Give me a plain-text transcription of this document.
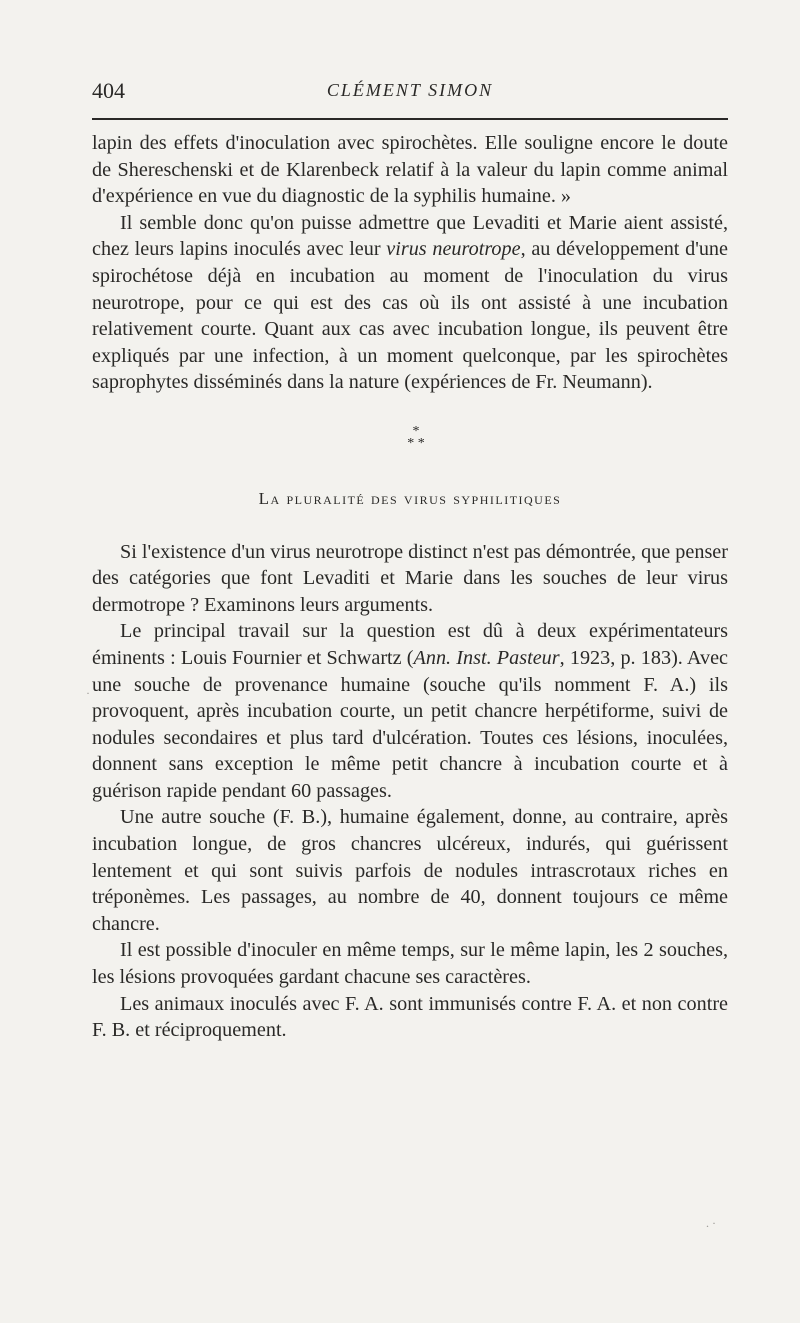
404	CLÉMENT SIMON

lapin des effets d'inoculation avec spirochètes. Elle souligne encore le doute de Shereschenski et de Klarenbeck relatif à la valeur du lapin comme animal d'expérience en vue du diagnostic de la syphilis humaine. »

Il semble donc qu'on puisse admettre que Levaditi et Marie aient assisté, chez leurs lapins inoculés avec leur virus neurotrope, au développement d'une spirochétose déjà en incubation au moment de l'inoculation du virus neurotrope, pour ce qui est des cas où ils ont assisté à une incubation relativement courte. Quant aux cas avec incubation longue, ils peuvent être expliqués par une infection, à un moment quelconque, par les spirochètes saprophytes disséminés dans la nature (expériences de Fr. Neumann).

*
* *
La pluralité des virus syphilitiques

Si l'existence d'un virus neurotrope distinct n'est pas démontrée, que penser des catégories que font Levaditi et Marie dans les souches de leur virus dermotrope ? Examinons leurs arguments.

Le principal travail sur la question est dû à deux expérimentateurs éminents : Louis Fournier et Schwartz (Ann. Inst. Pasteur, 1923, p. 183). Avec une souche de provenance humaine (souche qu'ils nomment F. A.) ils provoquent, après incubation courte, un petit chancre herpétiforme, suivi de nodules secondaires et plus tard d'ulcération. Toutes ces lésions, inoculées, donnent sans exception le même petit chancre à incubation courte et à guérison rapide pendant 60 passages.

Une autre souche (F. B.), humaine également, donne, au contraire, après incubation longue, de gros chancres ulcéreux, indurés, qui guérissent lentement et qui sont suivis parfois de nodules intrascrotaux riches en tréponèmes. Les passages, au nombre de 40, donnent toujours ce même chancre.

Il est possible d'inoculer en même temps, sur le même lapin, les 2 souches, les lésions provoquées gardant chacune ses caractères.

Les animaux inoculés avec F. A. sont immunisés contre F. A. et non contre F. B. et réciproquement.

·
. ·
